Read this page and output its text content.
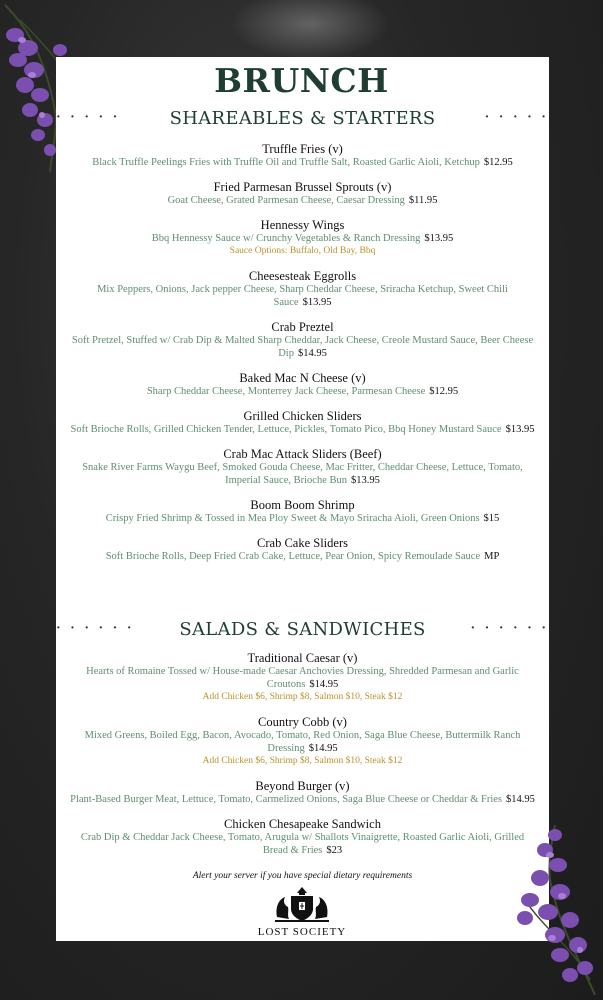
BRUNCH
· · · · ·	SHAREABLES & STARTERS	· · · · ·
Truffle Fries (v)
Black Truffle Peelings Fries with Truffle Oil and Truffle Salt, Roasted Garlic Aioli, Ketchup $12.95
Fried Parmesan Brussel Sprouts (v)
Goat Cheese, Grated Parmesan Cheese, Caesar Dressing $11.95
Hennessy Wings
Bbq Hennessy Sauce w/ Crunchy Vegetables & Ranch Dressing $13.95
Sauce Options: Buffalo, Old Bay, Bbq
Cheesesteak Eggrolls
Mix Peppers, Onions, Jack pepper Cheese, Sharp Cheddar Cheese, Sriracha Ketchup, Sweet Chili Sauce $13.95
Crab Preztel
Soft Pretzel, Stuffed w/ Crab Dip & Malted Sharp Cheddar, Jack Cheese, Creole Mustard Sauce, Beer Cheese Dip $14.95
Baked Mac N Cheese (v)
Sharp Cheddar Cheese, Monterrey Jack Cheese, Parmesan Cheese $12.95
Grilled Chicken Sliders
Soft Brioche Rolls, Grilled Chicken Tender, Lettuce, Pickles, Tomato Pico, Bbq Honey Mustard Sauce $13.95
Crab Mac Attack Sliders (Beef)
Snake River Farms Waygu Beef, Smoked Gouda Cheese, Mac Fritter, Cheddar Cheese, Lettuce, Tomato, Imperial Sauce, Brioche Bun $13.95
Boom Boom Shrimp
Crispy Fried Shrimp & Tossed in Mea Ploy Sweet & Mayo Sriracha Aioli, Green Onions $15
Crab Cake Sliders
Soft Brioche Rolls, Deep Fried Crab Cake, Lettuce, Pear Onion, Spicy Remoulade Sauce MP
· · · · · · SALADS & SANDWICHES	· · · · · ·
Traditional Caesar (v)
Hearts of Romaine Tossed w/ House-made Caesar Anchovies Dressing, Shredded Parmesan and Garlic Croutons $14.95
Add Chicken $6, Shrimp $8, Salmon $10, Steak $12
Country Cobb (v)
Mixed Greens, Boiled Egg, Bacon, Avocado, Tomato, Red Onion, Saga Blue Cheese, Buttermilk Ranch Dressing $14.95
Add Chicken $6, Shrimp $8, Salmon $10, Steak $12
Beyond Burger (v)
Plant-Based Burger Meat, Lettuce, Tomato, Carmelized Onions, Saga Blue Cheese or Cheddar & Fries $14.95
Chicken Chesapeake Sandwich
Crab Dip & Cheddar Jack Cheese, Tomato, Arugula w/ Shallots Vinaigrette, Roasted Garlic Aioli, Grilled Bread & Fries $23
Alert your server if you have special dietary requirements
LOST SOCIETY
